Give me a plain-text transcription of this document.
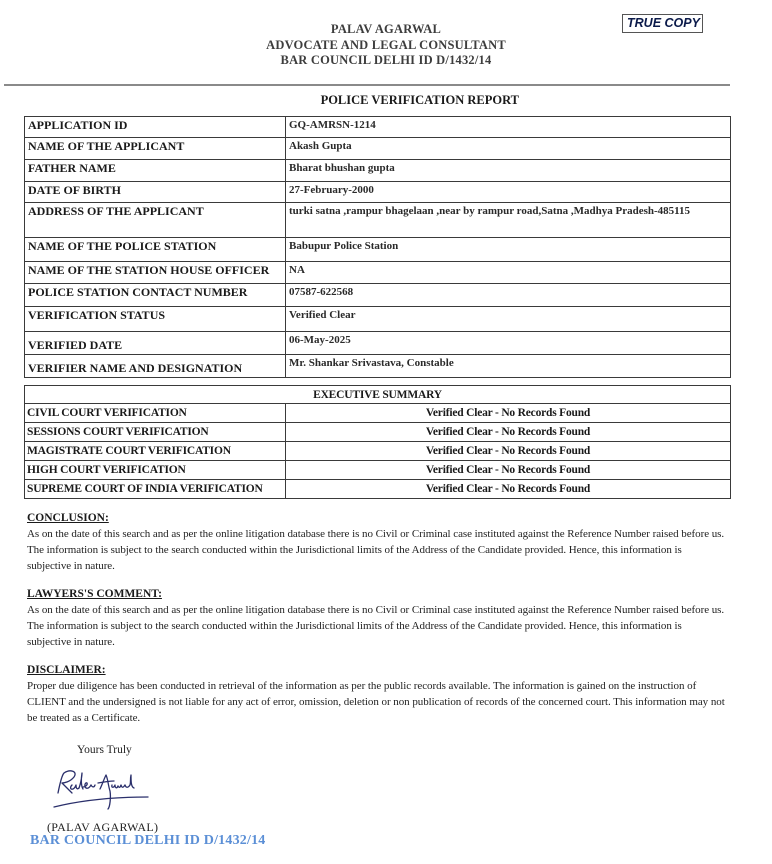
PALAV AGARWAL
ADVOCATE AND LEGAL CONSULTANT
BAR COUNCIL DELHI ID D/1432/14
TRUE COPY
POLICE VERIFICATION REPORT
APPLICATION ID	GQ-AMRSN-1214
NAME OF THE APPLICANT	Akash Gupta
FATHER NAME	Bharat bhushan gupta
DATE OF BIRTH	27-February-2000
ADDRESS OF THE APPLICANT	turki satna ,rampur bhagelaan ,near by rampur road,Satna ,Madhya Pradesh-485115
NAME OF THE POLICE STATION	Babupur Police Station
NAME OF THE STATION HOUSE OFFICER	NA
POLICE STATION CONTACT NUMBER	07587-622568
VERIFICATION STATUS	Verified Clear
VERIFIED DATE	06-May-2025
VERIFIER NAME AND DESIGNATION	Mr. Shankar Srivastava, Constable
EXECUTIVE SUMMARY	
CIVIL COURT VERIFICATION	Verified Clear - No Records Found
SESSIONS COURT VERIFICATION	Verified Clear - No Records Found
MAGISTRATE COURT VERIFICATION	Verified Clear - No Records Found
HIGH COURT VERIFICATION	Verified Clear - No Records Found
SUPREME COURT OF INDIA VERIFICATION	Verified Clear - No Records Found
CONCLUSION:
As on the date of this search and as per the online litigation database there is no Civil or Criminal case instituted against the Reference Number raised before us. The information is subject to the search conducted within the Jurisdictional limits of the Address of the Candidate provided. Hence, this information is subjective in nature.
LAWYERS'S COMMENT:
As on the date of this search and as per the online litigation database there is no Civil or Criminal case instituted against the Reference Number raised before us. The information is subject to the search conducted within the Jurisdictional limits of the Address of the Candidate provided. Hence, this information is subjective in nature.
DISCLAIMER:
Proper due diligence has been conducted in retrieval of the information as per the public records available. The information is gained on the instruction of CLIENT and the undersigned is not liable for any act of error, omission, deletion or non publication of records of the concerned court. This information may not be treated as a Certificate.
Yours Truly
(PALAV AGARWAL)
BAR COUNCIL DELHI ID D/1432/14
